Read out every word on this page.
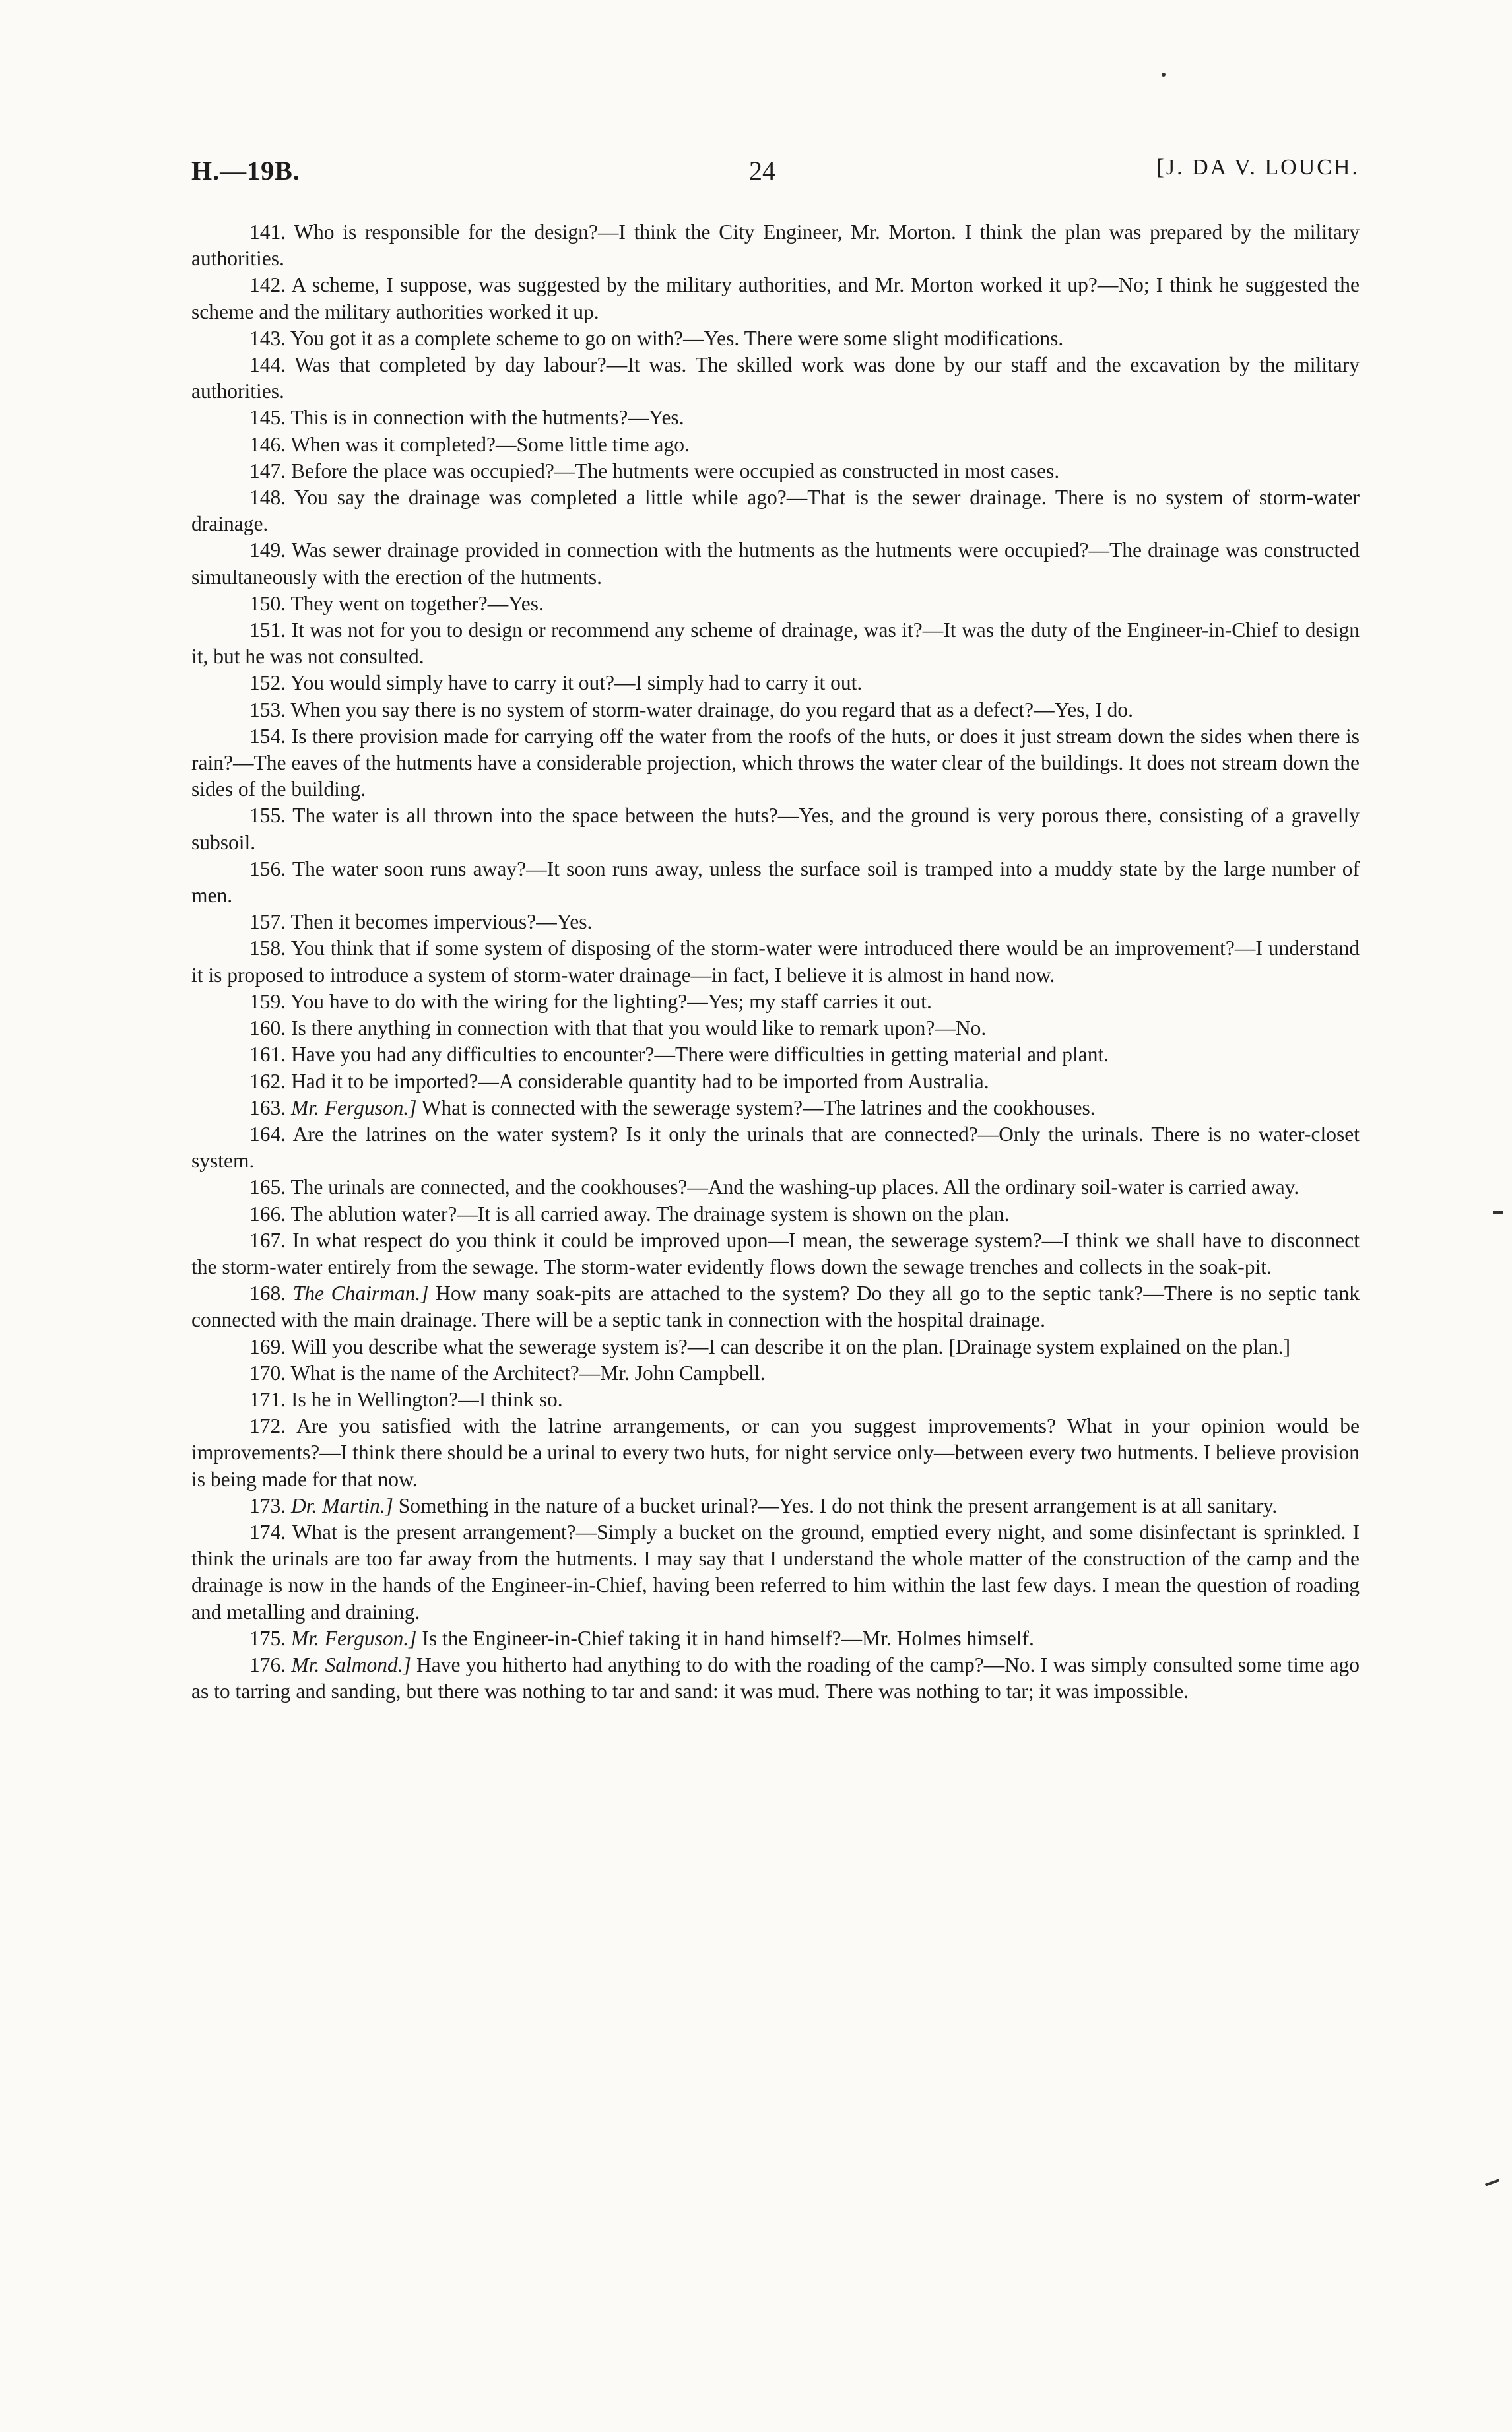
H.—19B.	24	[J. DA V. LOUCH.

141. Who is responsible for the design?—I think the City Engineer, Mr. Morton. I think the plan was prepared by the military authorities.

142. A scheme, I suppose, was suggested by the military authorities, and Mr. Morton worked it up?—No; I think he suggested the scheme and the military authorities worked it up.

143. You got it as a complete scheme to go on with?—Yes. There were some slight modifications.

144. Was that completed by day labour?—It was. The skilled work was done by our staff and the excavation by the military authorities.

145. This is in connection with the hutments?—Yes.

146. When was it completed?—Some little time ago.

147. Before the place was occupied?—The hutments were occupied as constructed in most cases.

148. You say the drainage was completed a little while ago?—That is the sewer drainage. There is no system of storm-water drainage.

149. Was sewer drainage provided in connection with the hutments as the hutments were occupied?—The drainage was constructed simultaneously with the erection of the hutments.

150. They went on together?—Yes.

151. It was not for you to design or recommend any scheme of drainage, was it?—It was the duty of the Engineer-in-Chief to design it, but he was not consulted.

152. You would simply have to carry it out?—I simply had to carry it out.

153. When you say there is no system of storm-water drainage, do you regard that as a defect?—Yes, I do.

154. Is there provision made for carrying off the water from the roofs of the huts, or does it just stream down the sides when there is rain?—The eaves of the hutments have a considerable projection, which throws the water clear of the buildings. It does not stream down the sides of the building.

155. The water is all thrown into the space between the huts?—Yes, and the ground is very porous there, consisting of a gravelly subsoil.

156. The water soon runs away?—It soon runs away, unless the surface soil is tramped into a muddy state by the large number of men.

157. Then it becomes impervious?—Yes.

158. You think that if some system of disposing of the storm-water were introduced there would be an improvement?—I understand it is proposed to introduce a system of storm-water drainage—in fact, I believe it is almost in hand now.

159. You have to do with the wiring for the lighting?—Yes; my staff carries it out.

160. Is there anything in connection with that that you would like to remark upon?—No.

161. Have you had any difficulties to encounter?—There were difficulties in getting material and plant.

162. Had it to be imported?—A considerable quantity had to be imported from Australia.

163. Mr. Ferguson.] What is connected with the sewerage system?—The latrines and the cookhouses.

164. Are the latrines on the water system? Is it only the urinals that are connected?—Only the urinals. There is no water-closet system.

165. The urinals are connected, and the cookhouses?—And the washing-up places. All the ordinary soil-water is carried away.

166. The ablution water?—It is all carried away. The drainage system is shown on the plan.

167. In what respect do you think it could be improved upon—I mean, the sewerage system?—I think we shall have to disconnect the storm-water entirely from the sewage. The storm-water evidently flows down the sewage trenches and collects in the soak-pit.

168. The Chairman.] How many soak-pits are attached to the system? Do they all go to the septic tank?—There is no septic tank connected with the main drainage. There will be a septic tank in connection with the hospital drainage.

169. Will you describe what the sewerage system is?—I can describe it on the plan. [Drainage system explained on the plan.]

170. What is the name of the Architect?—Mr. John Campbell.

171. Is he in Wellington?—I think so.

172. Are you satisfied with the latrine arrangements, or can you suggest improvements? What in your opinion would be improvements?—I think there should be a urinal to every two huts, for night service only—between every two hutments. I believe provision is being made for that now.

173. Dr. Martin.] Something in the nature of a bucket urinal?—Yes. I do not think the present arrangement is at all sanitary.

174. What is the present arrangement?—Simply a bucket on the ground, emptied every night, and some disinfectant is sprinkled. I think the urinals are too far away from the hutments. I may say that I understand the whole matter of the construction of the camp and the drainage is now in the hands of the Engineer-in-Chief, having been referred to him within the last few days. I mean the question of roading and metalling and draining.

175. Mr. Ferguson.] Is the Engineer-in-Chief taking it in hand himself?—Mr. Holmes himself.

176. Mr. Salmond.] Have you hitherto had anything to do with the roading of the camp?—No. I was simply consulted some time ago as to tarring and sanding, but there was nothing to tar and sand: it was mud. There was nothing to tar; it was impossible.
